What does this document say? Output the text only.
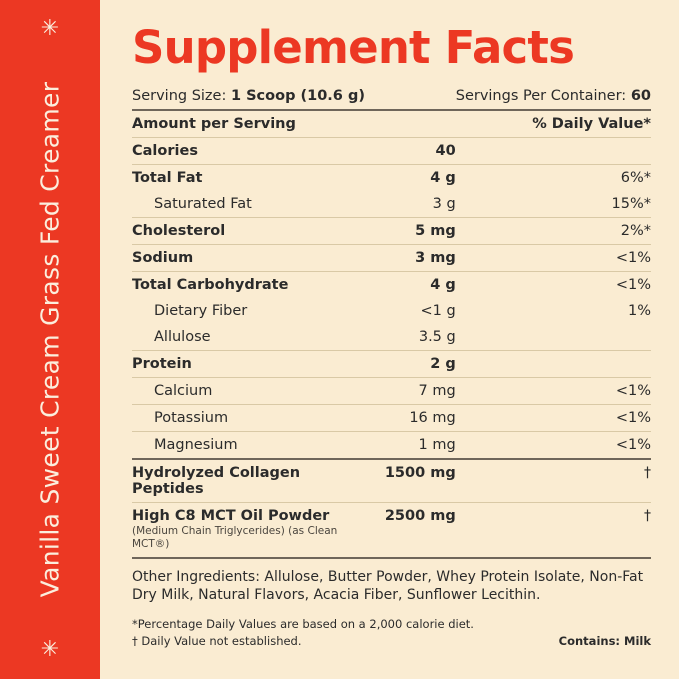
✳
Vanilla Sweet Cream Grass Fed Creamer
✳
Supplement Facts
Serving Size: 1 Scoop (10.6 g)		Servings Per Container: 60
Amount per Serving		% Daily Value*
Calories	40	
Total Fat	4 g	6%*
Saturated Fat	3 g	15%*
Cholesterol	5 mg	2%*
Sodium	3 mg	<1%
Total Carbohydrate	4 g	<1%
Dietary Fiber	<1 g	1%
Allulose	3.5 g	
Protein	2 g	
Calcium	7 mg	<1%
Potassium	16 mg	<1%
Magnesium	1 mg	<1%
Hydrolyzed Collagen Peptides	1500 mg	†
High C8 MCT Oil Powder
(Medium Chain Triglycerides) (as Clean MCT®)	2500 mg	†
Other Ingredients: Allulose, Butter Powder, Whey Protein Isolate, Non-Fat Dry Milk, Natural Flavors, Acacia Fiber, Sunflower Lecithin.
*Percentage Daily Values are based on a 2,000 calorie diet.
† Daily Value not established.	Contains: Milk
